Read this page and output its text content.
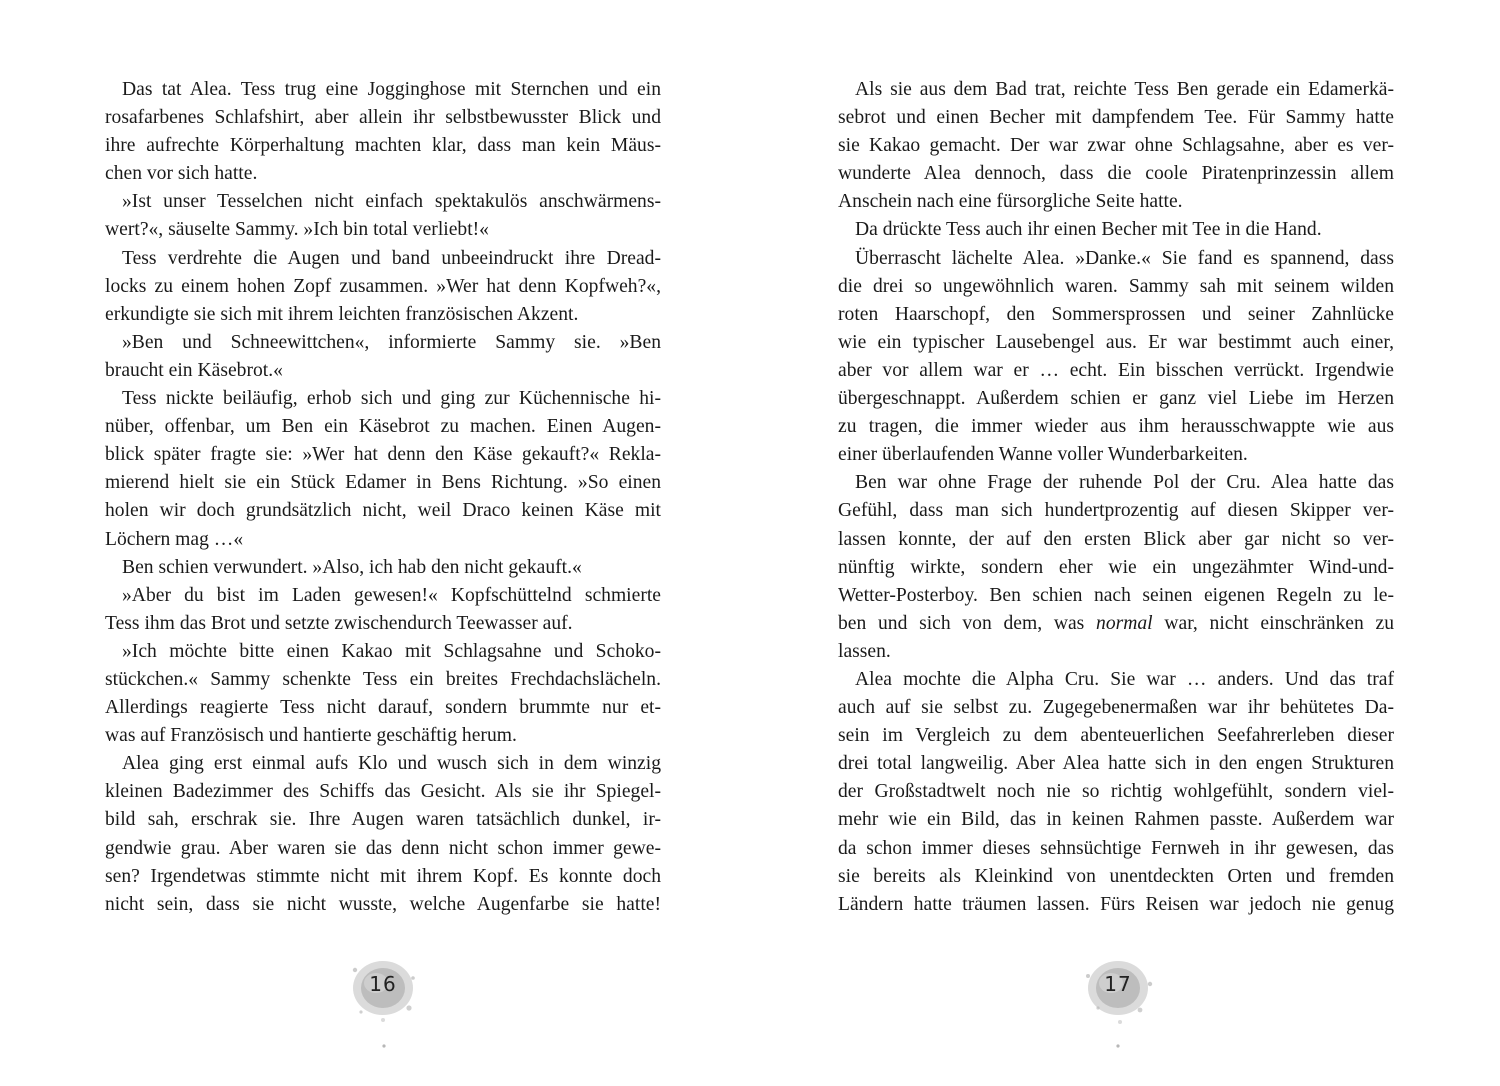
Das tat Alea. Tess trug eine Jogginghose mit Sternchen und ein
rosafarbenes Schlafshirt, aber allein ihr selbstbewusster Blick und
ihre aufrechte Körperhaltung machten klar, dass man kein Mäus-
chen vor sich hatte.
»Ist unser Tesselchen nicht einfach spektakulös anschwärmens-
wert?«, säuselte Sammy. »Ich bin total verliebt!«
Tess verdrehte die Augen und band unbeeindruckt ihre Dread-
locks zu einem hohen Zopf zusammen. »Wer hat denn Kopfweh?«,
erkundigte sie sich mit ihrem leichten französischen Akzent.
»Ben und Schneewittchen«, informierte Sammy sie. »Ben
braucht ein Käsebrot.«
Tess nickte beiläufig, erhob sich und ging zur Küchennische hi-
nüber, offenbar, um Ben ein Käsebrot zu machen. Einen Augen-
blick später fragte sie: »Wer hat denn den Käse gekauft?« Rekla-
mierend hielt sie ein Stück Edamer in Bens Richtung. »So einen
holen wir doch grundsätzlich nicht, weil Draco keinen Käse mit
Löchern mag …«
Ben schien verwundert. »Also, ich hab den nicht gekauft.«
»Aber du bist im Laden gewesen!« Kopfschüttelnd schmierte
Tess ihm das Brot und setzte zwischendurch Teewasser auf.
»Ich möchte bitte einen Kakao mit Schlagsahne und Schoko-
stückchen.« Sammy schenkte Tess ein breites Frechdachslächeln.
Allerdings reagierte Tess nicht darauf, sondern brummte nur et-
was auf Französisch und hantierte geschäftig herum.
Alea ging erst einmal aufs Klo und wusch sich in dem winzig
kleinen Badezimmer des Schiffs das Gesicht. Als sie ihr Spiegel-
bild sah, erschrak sie. Ihre Augen waren tatsächlich dunkel, ir-
gendwie grau. Aber waren sie das denn nicht schon immer gewe-
sen? Irgendetwas stimmte nicht mit ihrem Kopf. Es konnte doch
nicht sein, dass sie nicht wusste, welche Augenfarbe sie hatte!
16
Als sie aus dem Bad trat, reichte Tess Ben gerade ein Edamerkä-
sebrot und einen Becher mit dampfendem Tee. Für Sammy hatte
sie Kakao gemacht. Der war zwar ohne Schlagsahne, aber es ver-
wunderte Alea dennoch, dass die coole Piratenprinzessin allem
Anschein nach eine fürsorgliche Seite hatte.
Da drückte Tess auch ihr einen Becher mit Tee in die Hand.
Überrascht lächelte Alea. »Danke.« Sie fand es spannend, dass
die drei so ungewöhnlich waren. Sammy sah mit seinem wilden
roten Haarschopf, den Sommersprossen und seiner Zahnlücke
wie ein typischer Lausebengel aus. Er war bestimmt auch einer,
aber vor allem war er … echt. Ein bisschen verrückt. Irgendwie
übergeschnappt. Außerdem schien er ganz viel Liebe im Herzen
zu tragen, die immer wieder aus ihm herausschwappte wie aus
einer überlaufenden Wanne voller Wunderbarkeiten.
Ben war ohne Frage der ruhende Pol der Cru. Alea hatte das
Gefühl, dass man sich hundertprozentig auf diesen Skipper ver-
lassen konnte, der auf den ersten Blick aber gar nicht so ver-
nünftig wirkte, sondern eher wie ein ungezähmter Wind-und-
Wetter-Posterboy. Ben schien nach seinen eigenen Regeln zu le-
ben und sich von dem, was normal war, nicht einschränken zu
lassen.
Alea mochte die Alpha Cru. Sie war … anders. Und das traf
auch auf sie selbst zu. Zugegebenermaßen war ihr behütetes Da-
sein im Vergleich zu dem abenteuerlichen Seefahrerleben dieser
drei total langweilig. Aber Alea hatte sich in den engen Strukturen
der Großstadtwelt noch nie so richtig wohlgefühlt, sondern viel-
mehr wie ein Bild, das in keinen Rahmen passte. Außerdem war
da schon immer dieses sehnsüchtige Fernweh in ihr gewesen, das
sie bereits als Kleinkind von unentdeckten Orten und fremden
Ländern hatte träumen lassen. Fürs Reisen war jedoch nie genug
17
